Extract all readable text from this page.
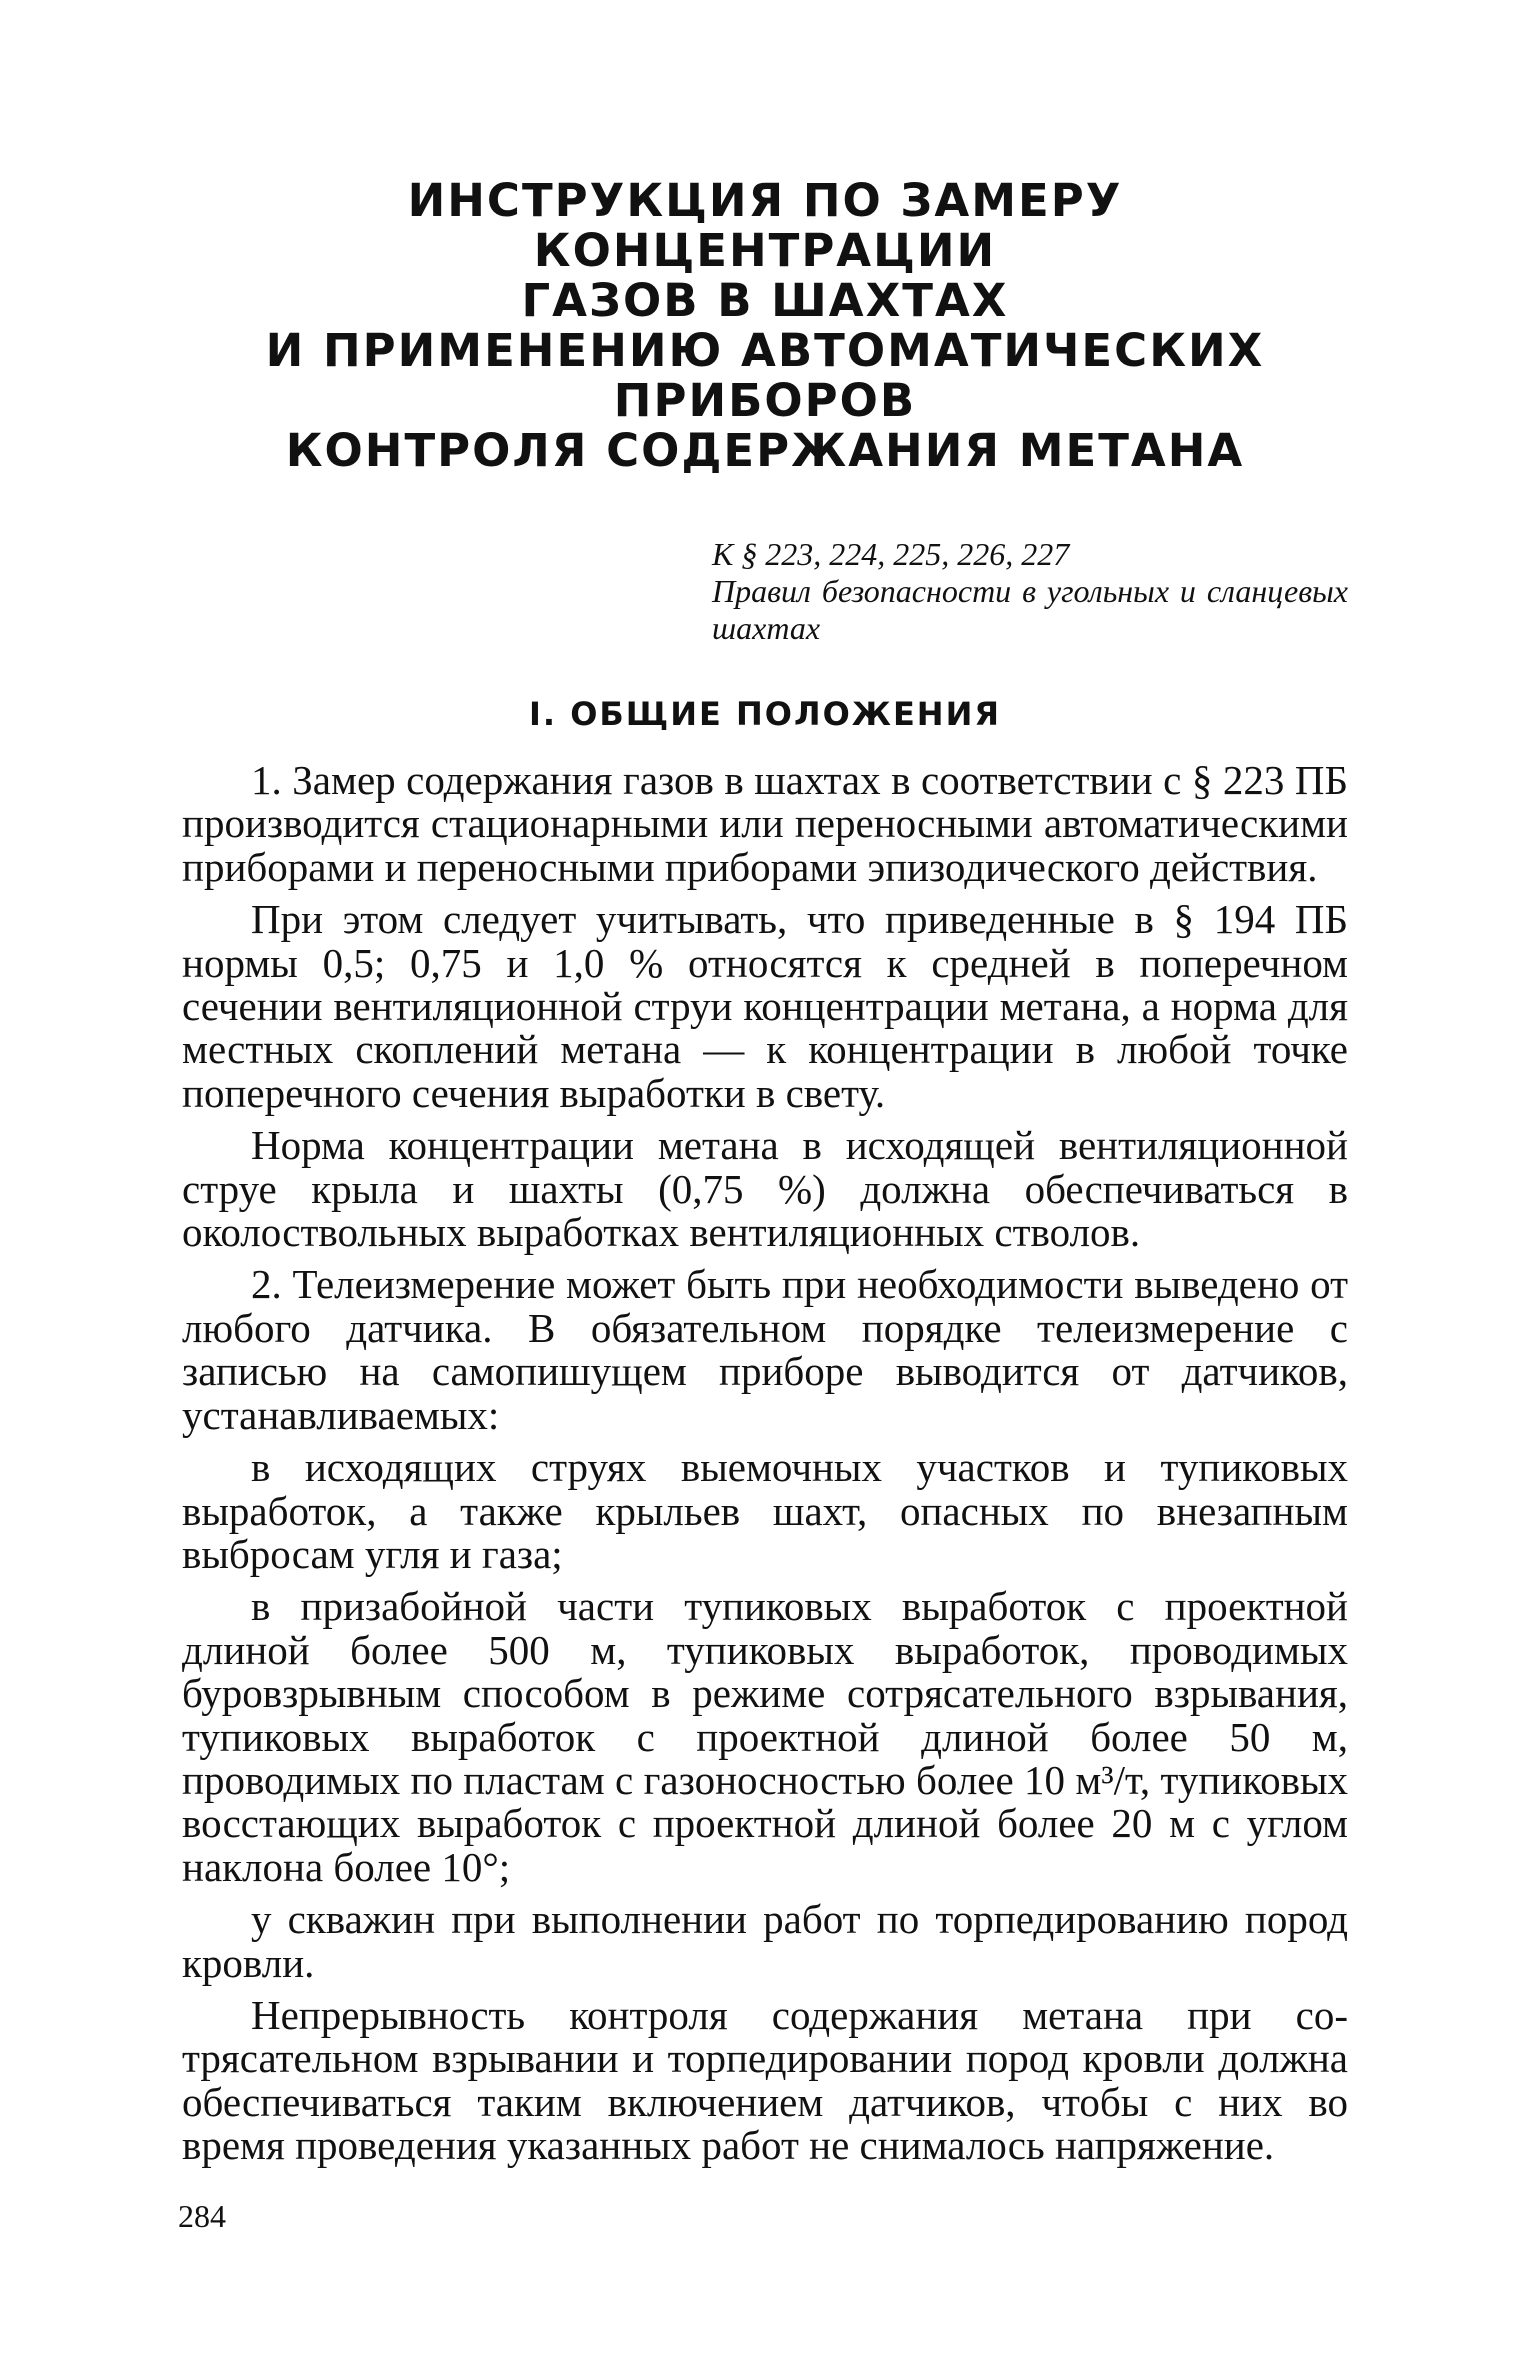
ИНСТРУКЦИЯ ПО ЗАМЕРУ КОНЦЕНТРАЦИИ
ГАЗОВ В ШАХТАХ
И ПРИМЕНЕНИЮ АВТОМАТИЧЕСКИХ ПРИБОРОВ
КОНТРОЛЯ СОДЕРЖАНИЯ МЕТАНА
К § 223, 224, 225, 226, 227
Правил безопасности в угольных и сланцевых шахтах
I. ОБЩИЕ ПОЛОЖЕНИЯ

1. Замер содержания газов в шахтах в соответствии с § 223 ПБ производится стационарными или переносными автоматическими приборами и переносными приборами эпизодического действия.

При этом следует учитывать, что приведенные в § 194 ПБ нормы 0,5; 0,75 и 1,0 % относятся к средней в поперечном сечении вентиляционной струи концентрации метана, а норма для местных скоплений метана — к концентрации в любой точке поперечного сечения выработки в свету.

Норма концентрации метана в исходящей вентиляционной струе крыла и шахты (0,75 %) должна обеспечиваться в околоствольных выработках вентиляционных стволов.

2. Телеизмерение может быть при необходимости выведено от любого датчика. В обязательном порядке телеизмерение с записью на самопишущем приборе выводится от датчиков, устанавливаемых:

в исходящих струях выемочных участков и тупиковых выработок, а также крыльев шахт, опасных по внезапным выбросам угля и газа;

в призабойной части тупиковых выработок с проектной длиной более 500 м, тупиковых выработок, проводимых буровзрывным способом в режиме сотрясательного взрывания, тупиковых выработок с проектной длиной более 50 м, проводимых по пластам с газоносностью более 10 м³/т, тупиковых восстающих выработок с проектной длиной более 20 м с углом наклона более 10°;

у скважин при выполнении работ по торпедированию пород кровли.

Непрерывность контроля содержания метана при сотрясательном взрывании и торпедировании пород кровли должна обеспечиваться таким включением датчиков, чтобы с них во время проведения указанных работ не снималось напряжение.

284
